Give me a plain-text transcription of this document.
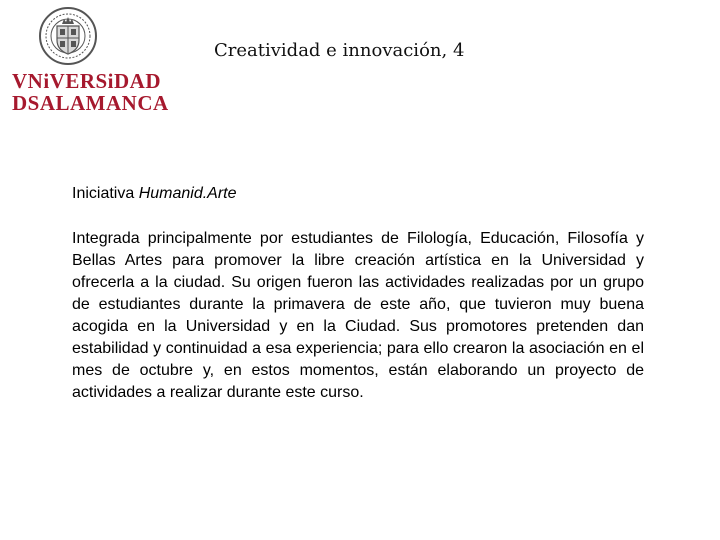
VNiVERSiDAD
DSALAMANCA
Creatividad e innovación, 4
Iniciativa Humanid.Arte
Integrada principalmente por estudiantes de Filología, Educación, Filosofía y Bellas Artes para promover la libre creación artística en la Universidad y ofrecerla a la ciudad. Su origen fueron las actividades realizadas por un grupo de estudiantes durante la primavera de este año, que tuvieron muy buena acogida en la Universidad y en la Ciudad. Sus promotores pretenden dan estabilidad y continuidad a esa experiencia; para ello crearon la asociación en el mes de octubre y, en estos momentos, están elaborando un proyecto de actividades a realizar durante este curso.
